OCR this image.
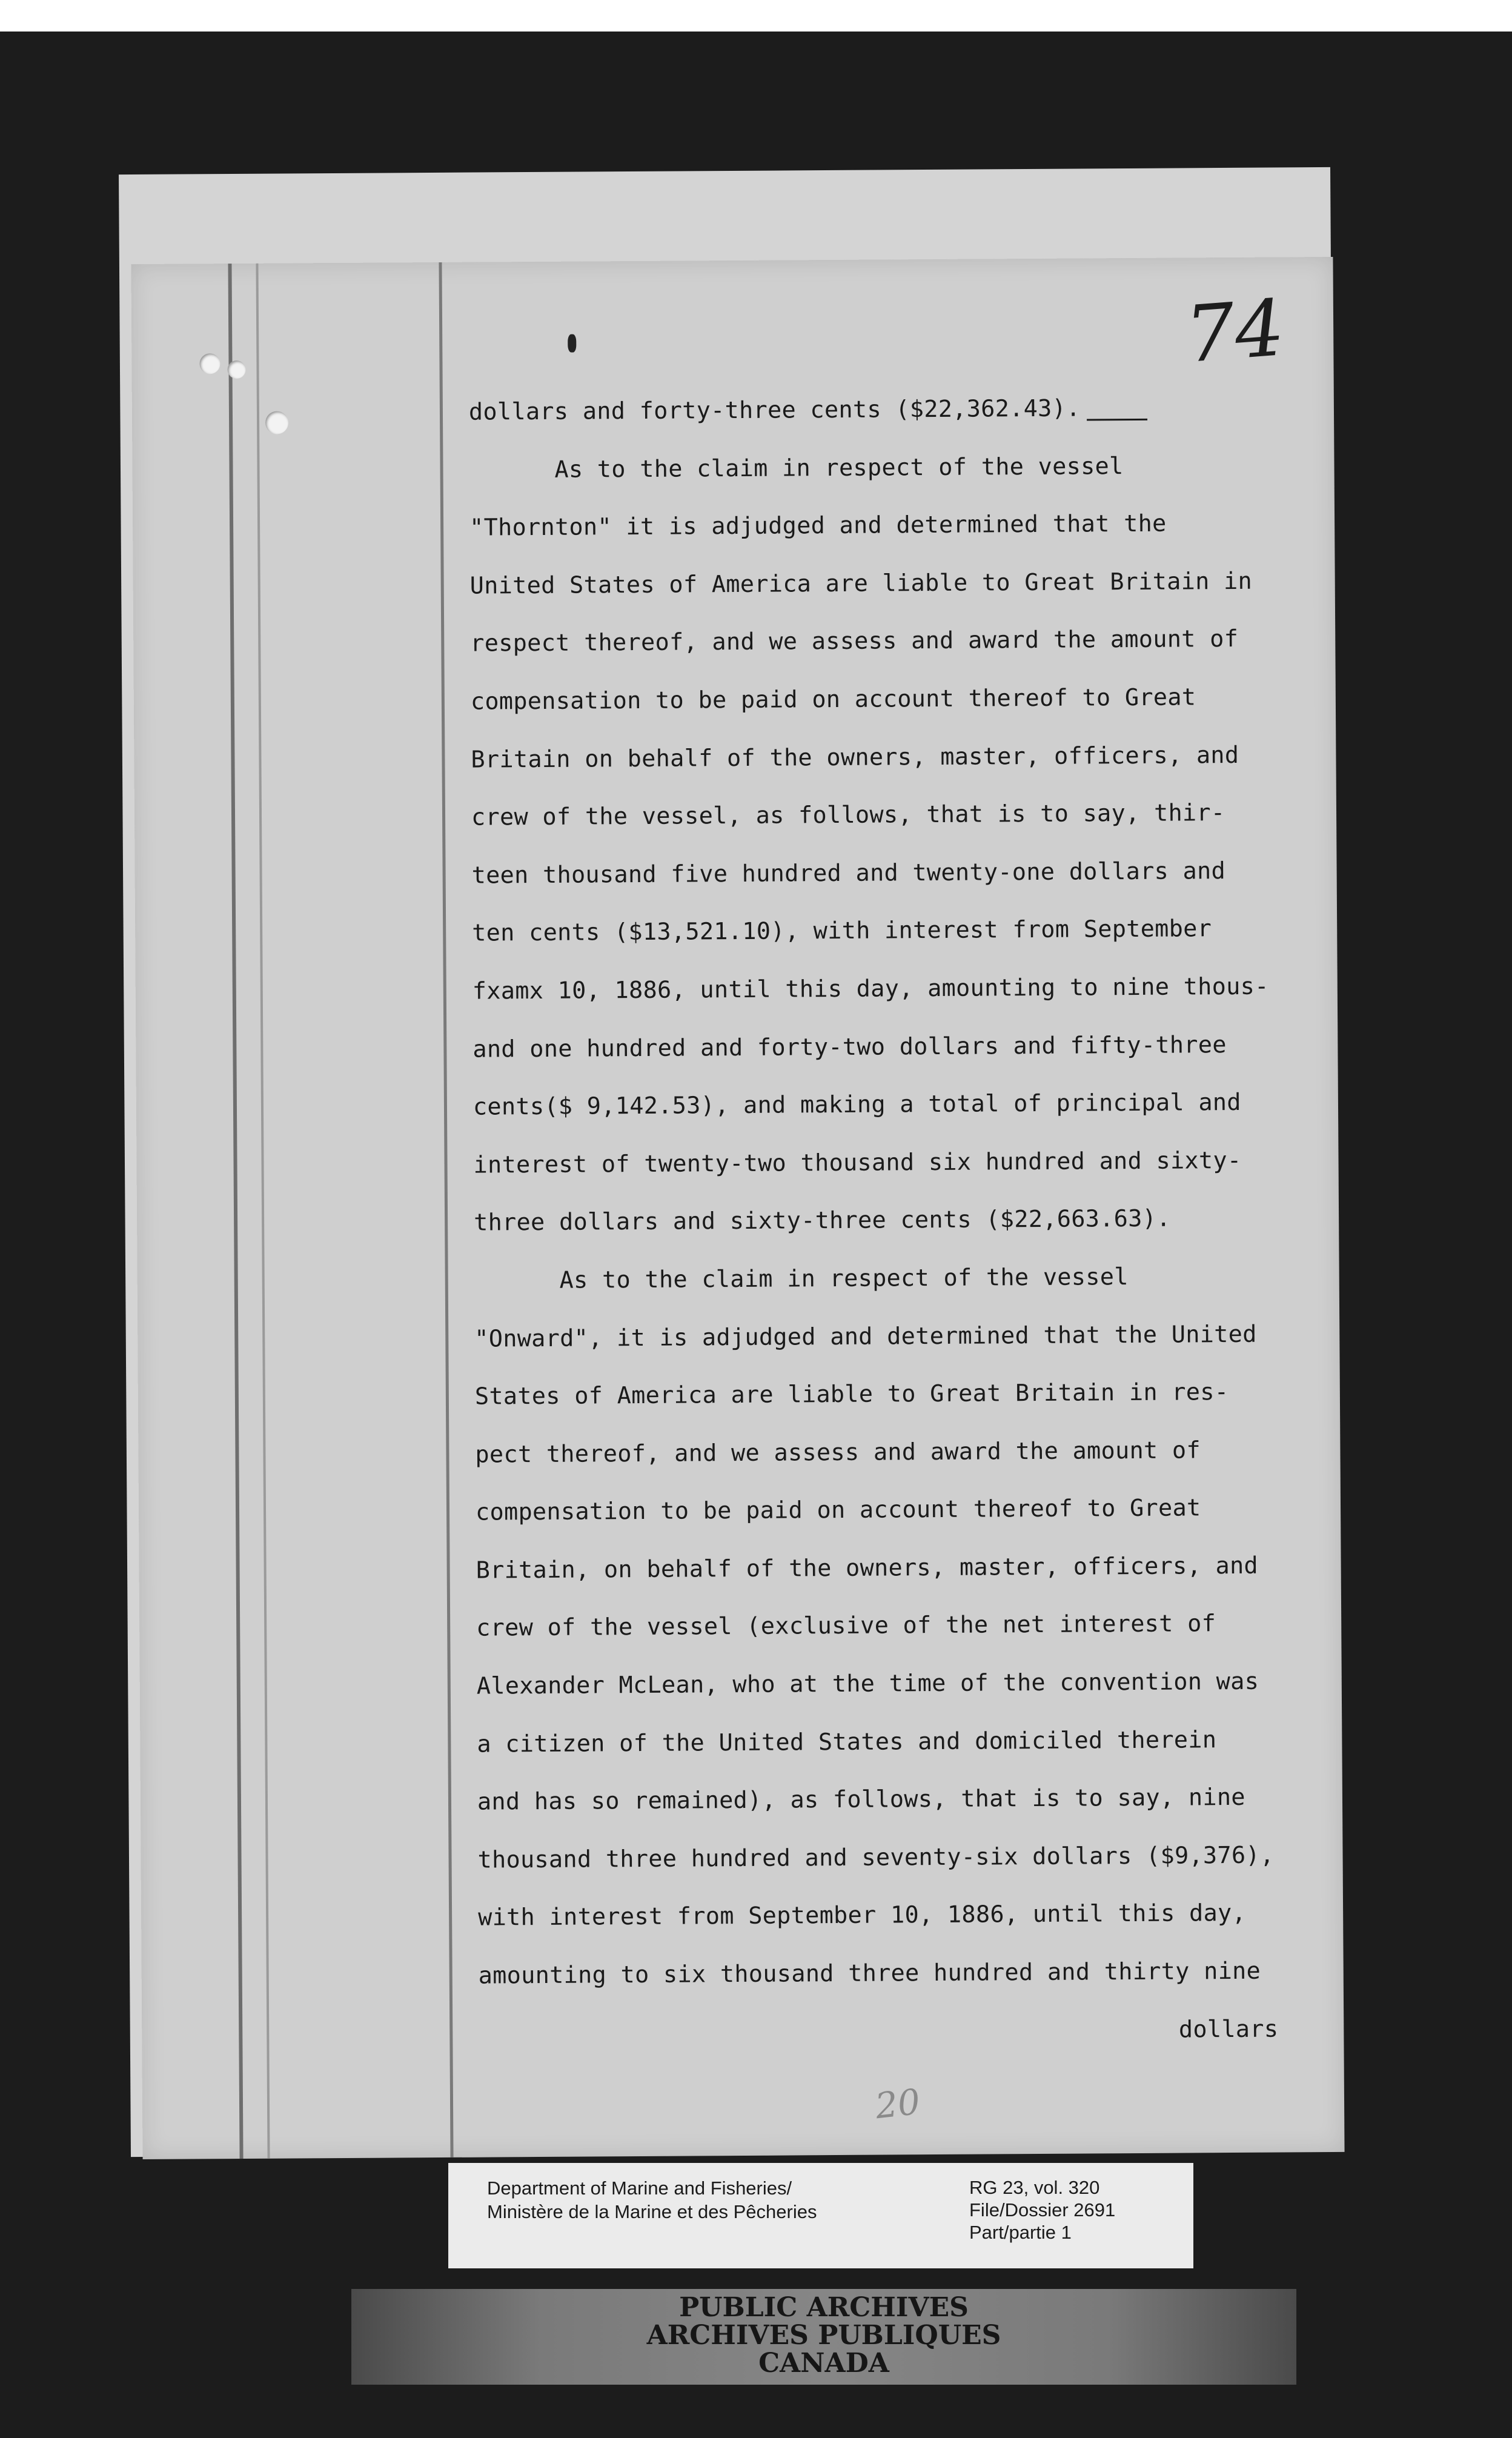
74
dollars and forty-three cents ($22,362.43).
As to the claim in respect of the vessel
"Thornton" it is adjudged and determined that the
United States of America are liable to Great Britain in
respect thereof, and we assess and award the amount of
compensation to be paid on account thereof to Great
Britain on behalf of the owners, master, officers, and
crew of the vessel, as follows, that is to say, thir-
teen thousand five hundred and twenty-one dollars and
ten cents ($13,521.10), with interest from September
fxamx 10, 1886, until this day, amounting to nine thous-
and one hundred and forty-two dollars and fifty-three
cents($ 9,142.53), and making a total of principal and
interest of twenty-two thousand six hundred and sixty-
three dollars and sixty-three cents ($22,663.63).
As to the claim in respect of the vessel
"Onward", it is adjudged and determined that the United
States of America are liable to Great Britain in res-
pect thereof, and we assess and award the amount of
compensation to be paid on account thereof to Great
Britain, on behalf of the owners, master, officers, and
crew of the vessel (exclusive of the net interest of
Alexander McLean, who at the time of the convention was
a citizen of the United States and domiciled therein
and has so remained), as follows, that is to say, nine
thousand three hundred and seventy-six dollars ($9,376),
with interest from September 10, 1886, until this day,
amounting to six thousand three hundred and thirty nine
dollars
20
Department of Marine and Fisheries/
Ministère de la Marine et des Pêcheries
RG 23, vol. 320
File/Dossier 2691
Part/partie 1
PUBLIC ARCHIVES
ARCHIVES PUBLIQUES
CANADA
